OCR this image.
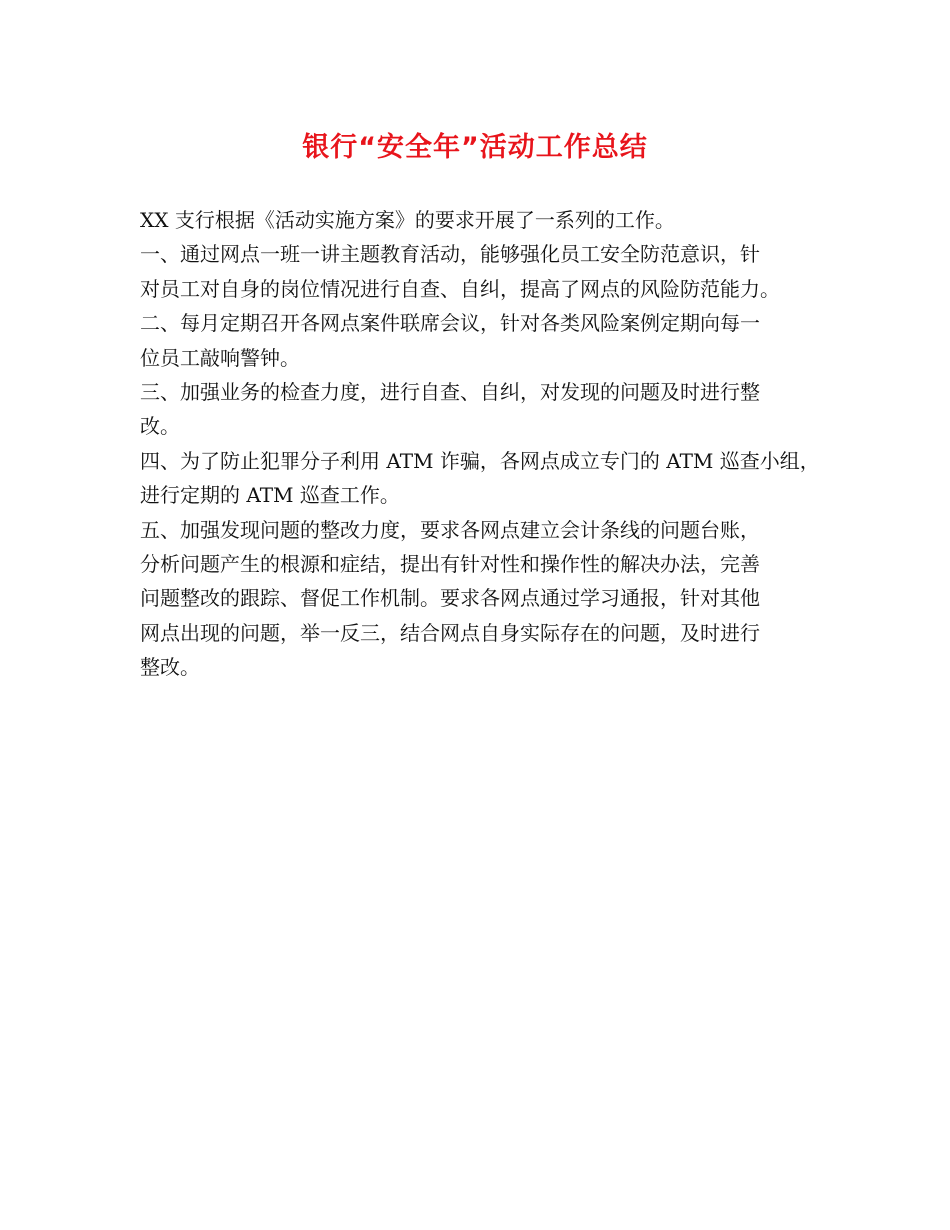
银行“安全年”活动工作总结

XX 支行根据《活动实施方案》的要求开展了一系列的工作。

一、通过网点一班一讲主题教育活动，能够强化员工安全防范意识，针

对员工对自身的岗位情况进行自查、自纠，提高了网点的风险防范能力。

二、每月定期召开各网点案件联席会议，针对各类风险案例定期向每一

位员工敲响警钟。

三、加强业务的检查力度，进行自查、自纠，对发现的问题及时进行整

改。

四、为了防止犯罪分子利用 ATM 诈骗，各网点成立专门的 ATM 巡查小组，

进行定期的 ATM 巡查工作。

五、加强发现问题的整改力度，要求各网点建立会计条线的问题台账，

分析问题产生的根源和症结，提出有针对性和操作性的解决办法，完善

问题整改的跟踪、督促工作机制。要求各网点通过学习通报，针对其他

网点出现的问题，举一反三，结合网点自身实际存在的问题，及时进行

整改。
